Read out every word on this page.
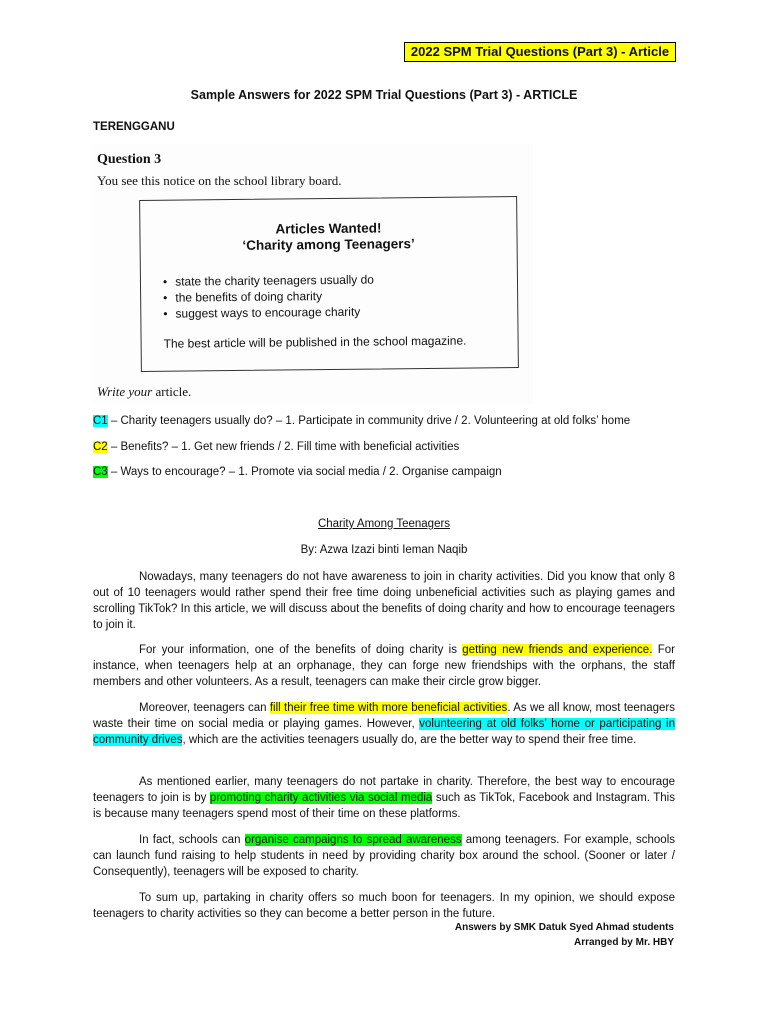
2022 SPM Trial Questions (Part 3) - Article
Sample Answers for 2022 SPM Trial Questions (Part 3) - ARTICLE
TERENGGANU
Question 3
You see this notice on the school library board.
Articles Wanted!
‘Charity among Teenagers’
• state the charity teenagers usually do
• the benefits of doing charity
• suggest ways to encourage charity
The best article will be published in the school magazine.
Write your article.
C1 – Charity teenagers usually do? – 1. Participate in community drive / 2. Volunteering at old folks’ home
C2 – Benefits? – 1. Get new friends / 2. Fill time with beneficial activities
C3 – Ways to encourage? – 1. Promote via social media / 2. Organise campaign
Charity Among Teenagers
By: Azwa Izazi binti Ieman Naqib
Nowadays, many teenagers do not have awareness to join in charity activities. Did you know that only 8 out of 10 teenagers would rather spend their free time doing unbeneficial activities such as playing games and scrolling TikTok? In this article, we will discuss about the benefits of doing charity and how to encourage teenagers to join it.
For your information, one of the benefits of doing charity is getting new friends and experience. For instance, when teenagers help at an orphanage, they can forge new friendships with the orphans, the staff members and other volunteers. As a result, teenagers can make their circle grow bigger.
Moreover, teenagers can fill their free time with more beneficial activities. As we all know, most teenagers waste their time on social media or playing games. However, volunteering at old folks’ home or participating in community drives, which are the activities teenagers usually do, are the better way to spend their free time.
As mentioned earlier, many teenagers do not partake in charity. Therefore, the best way to encourage teenagers to join is by promoting charity activities via social media such as TikTok, Facebook and Instagram. This is because many teenagers spend most of their time on these platforms.
In fact, schools can organise campaigns to spread awareness among teenagers. For example, schools can launch fund raising to help students in need by providing charity box around the school. (Sooner or later / Consequently), teenagers will be exposed to charity.
To sum up, partaking in charity offers so much boon for teenagers. In my opinion, we should expose teenagers to charity activities so they can become a better person in the future.
Answers by SMK Datuk Syed Ahmad students
Arranged by Mr. HBY
